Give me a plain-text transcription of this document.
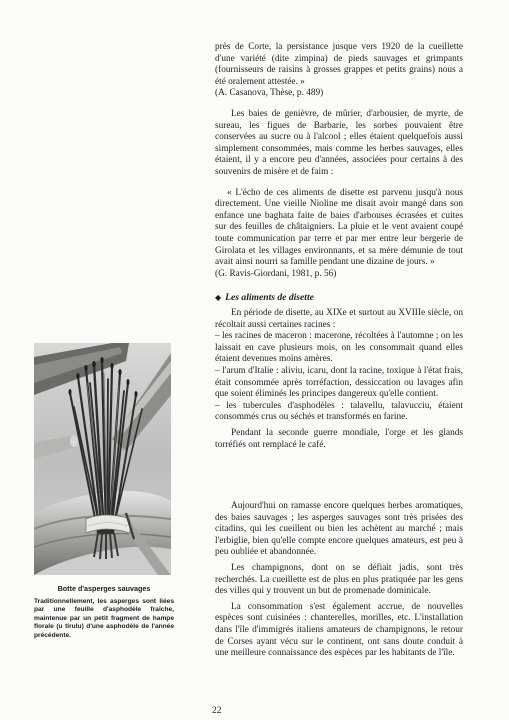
près de Corte, la persistance jusque vers 1920 de la cueillette d'une variété (dite zimpina) de pieds sauvages et grimpants (fournisseurs de raisins à grosses grappes et petits grains) nous a été oralement attestée. »

(A. Casanova, Thèse, p. 489)

Les baies de genièvre, de mûrier, d'arbousier, de myrte, de sureau, les figues de Barbarie, les sorbes pouvaient être conservées au sucre ou à l'alcool ; elles étaient quelquefois aussi simplement consommées, mais comme les herbes sauvages, elles étaient, il y a encore peu d'années, associées pour certains à des souvenirs de misère et de faim :

« L'écho de ces aliments de disette est parvenu jusqu'à nous directement. Une vieille Nioline me disait avoir mangé dans son enfance une baghata faite de baies d'arbouses écrasées et cuites sur des feuilles de châtaigniers. La pluie et le vent avaient coupé toute communication par terre et par mer entre leur bergerie de Girolata et les villages environnants, et sa mère démunie de tout avait ainsi nourri sa famille pendant une dizaine de jours. »

(G. Ravis-Giordani, 1981, p. 56)

◆ Les aliments de disette

En période de disette, au XIXe et surtout au XVIIIe siècle, on récoltait aussi certaines racines :

– les racines de maceron : macerone, récoltées à l'automne ; on les laissait en cave plusieurs mois, on les consommait quand elles étaient devenues moins amères.

– l'arum d'Italie : aliviu, icaru, dont la racine, toxique à l'état frais, était consommée après torréfaction, dessiccation ou lavages afin que soient éliminés les principes dangereux qu'elle contient.

– les tubercules d'asphodèles : talavellu, talavucciu, étaient consommés crus ou séchés et transformés en farine.

Pendant la seconde guerre mondiale, l'orge et les glands torréfiés ont remplacé le café.

Aujourd'hui on ramasse encore quelques herbes aromatiques, des baies sauvages ; les asperges sauvages sont très prisées des citadins, qui les cueillent ou bien les achètent au marché ; mais l'erbiglie, bien qu'elle compte encore quelques amateurs, est peu à peu oubliée et abandonnée.

Les champignons, dont on se défiait jadis, sont très recherchés. La cueillette est de plus en plus pratiquée par les gens des villes qui y trouvent un but de promenade dominicale.

La consommation s'est également accrue, de nouvelles espèces sont cuisinées : chanterelles, morilles, etc. L'installation dans l'île d'immigrés italiens amateurs de champignons, le retour de Corses ayant vécu sur le continent, ont sans doute conduit à une meilleure connaissance des espèces par les habitants de l'île.

Botte d'asperges sauvages
Traditionnellement, les asperges sont liées par une feuille d'asphodèle fraîche, maintenue par un petit fragment de hampe florale (u tirulu) d'une asphodèle de l'année précédente.
22
